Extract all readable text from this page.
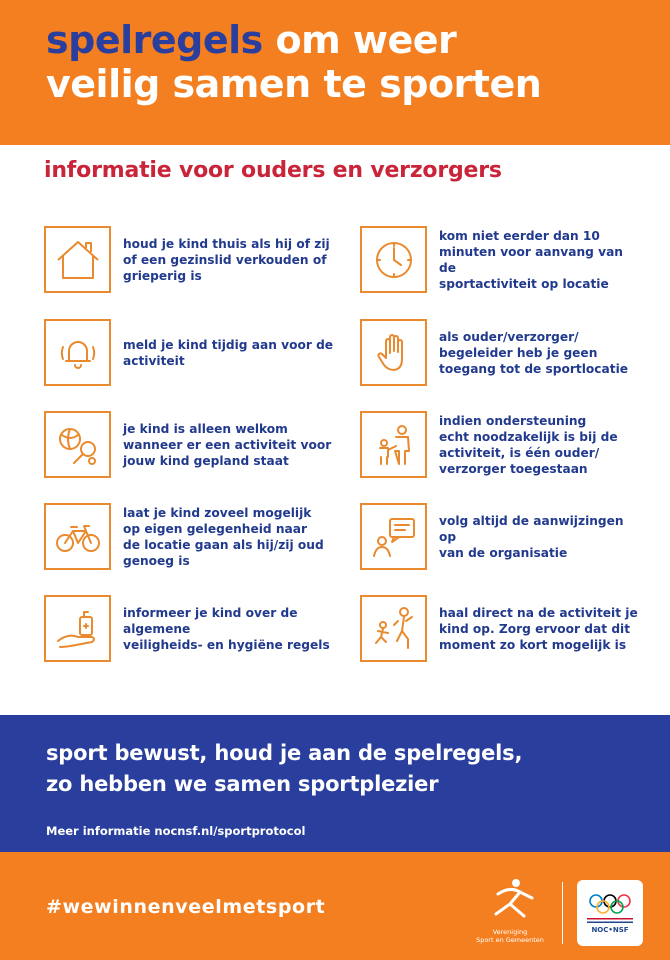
spelregels om weer
veilig samen te sporten
informatie voor ouders en verzorgers
houd je kind thuis als hij of zij
of een gezinslid verkouden of
grieperig is
meld je kind tijdig aan voor de
activiteit
je kind is alleen welkom
wanneer er een activiteit voor
jouw kind gepland staat
laat je kind zoveel mogelijk
op eigen gelegenheid naar
de locatie gaan als hij/zij oud
genoeg is
informeer je kind over de algemene
veiligheids- en hygiëne regels
kom niet eerder dan 10
minuten voor aanvang van de
sportactiviteit op locatie
als ouder/verzorger/
begeleider heb je geen
toegang tot de sportlocatie
indien ondersteuning
echt noodzakelijk is bij de
activiteit, is één ouder/
verzorger toegestaan
volg altijd de aanwijzingen op
van de organisatie
haal direct na de activiteit je
kind op. Zorg ervoor dat dit
moment zo kort mogelijk is
sport bewust, houd je aan de spelregels,
zo hebben we samen sportplezier
Meer informatie nocnsf.nl/sportprotocol
#wewinnenveelmetsport
Vereniging
Sport en Gemeenten
NOC•NSF
